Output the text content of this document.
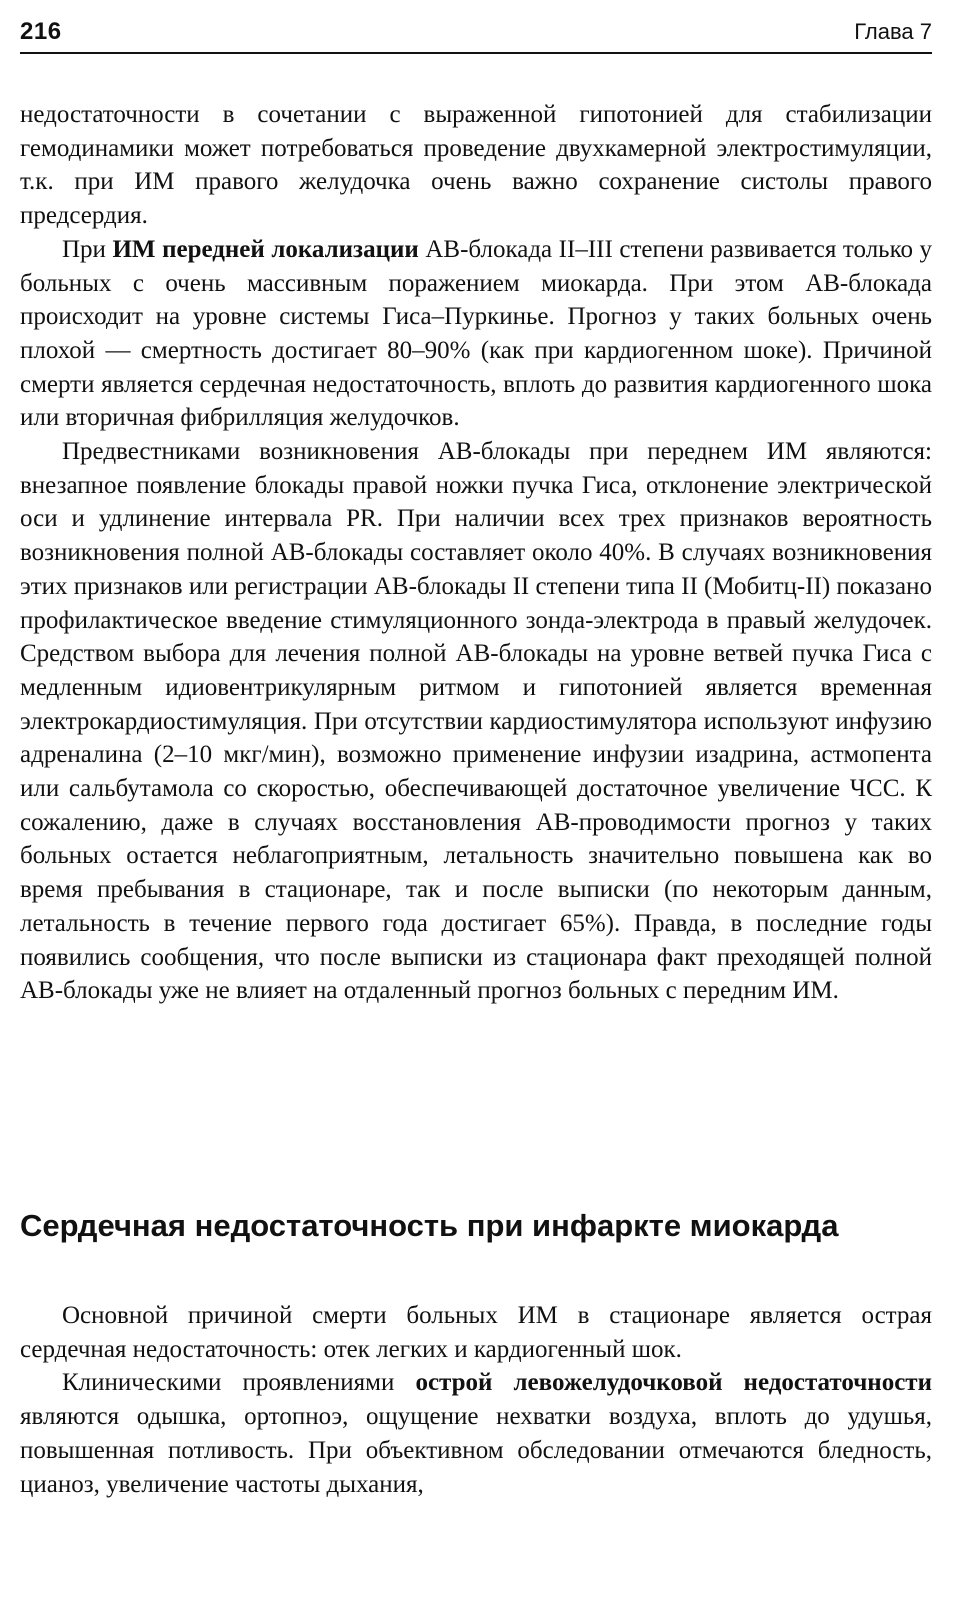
216	Глава 7

недостаточности в сочетании с выраженной гипотонией для стабилизации гемодинамики может потребоваться проведение двухкамерной электростимуляции, т.к. при ИМ правого желудочка очень важно сохранение систолы правого предсердия.

При ИМ передней локализации АВ-блокада II–III степени развивается только у больных с очень массивным поражением миокарда. При этом АВ-блокада происходит на уровне системы Гиса–Пуркинье. Прогноз у таких больных очень плохой — смертность достигает 80–90% (как при кардиогенном шоке). Причиной смерти является сердечная недостаточность, вплоть до развития кардиогенного шока или вторичная фибрилляция желудочков.

Предвестниками возникновения АВ-блокады при переднем ИМ являются: внезапное появление блокады правой ножки пучка Гиса, отклонение электрической оси и удлинение интервала PR. При наличии всех трех признаков вероятность возникновения полной АВ-блокады составляет около 40%. В случаях возникновения этих признаков или регистрации АВ-блокады II степени типа II (Мобитц-II) показано профилактическое введение стимуляционного зонда-электрода в правый желудочек. Средством выбора для лечения полной АВ-блокады на уровне ветвей пучка Гиса с медленным идиовентрикулярным ритмом и гипотонией является временная электрокардиостимуляция. При отсутствии кардиостимулятора используют инфузию адреналина (2–10 мкг/мин), возможно применение инфузии изадрина, астмопента или сальбутамола со скоростью, обеспечивающей достаточное увеличение ЧСС. К сожалению, даже в случаях восстановления АВ-проводимости прогноз у таких больных остается неблагоприятным, летальность значительно повышена как во время пребывания в стационаре, так и после выписки (по некоторым данным, летальность в течение первого года достигает 65%). Правда, в последние годы появились сообщения, что после выписки из стационара факт преходящей полной АВ-блокады уже не влияет на отдаленный прогноз больных с передним ИМ.

Сердечная недостаточность при инфаркте миокарда

Основной причиной смерти больных ИМ в стационаре является острая сердечная недостаточность: отек легких и кардиогенный шок.

Клиническими проявлениями острой левожелудочковой недостаточности являются одышка, ортопноэ, ощущение нехватки воздуха, вплоть до удушья, повышенная потливость. При объективном обследовании отмечаются бледность, цианоз, увеличение частоты дыхания,
